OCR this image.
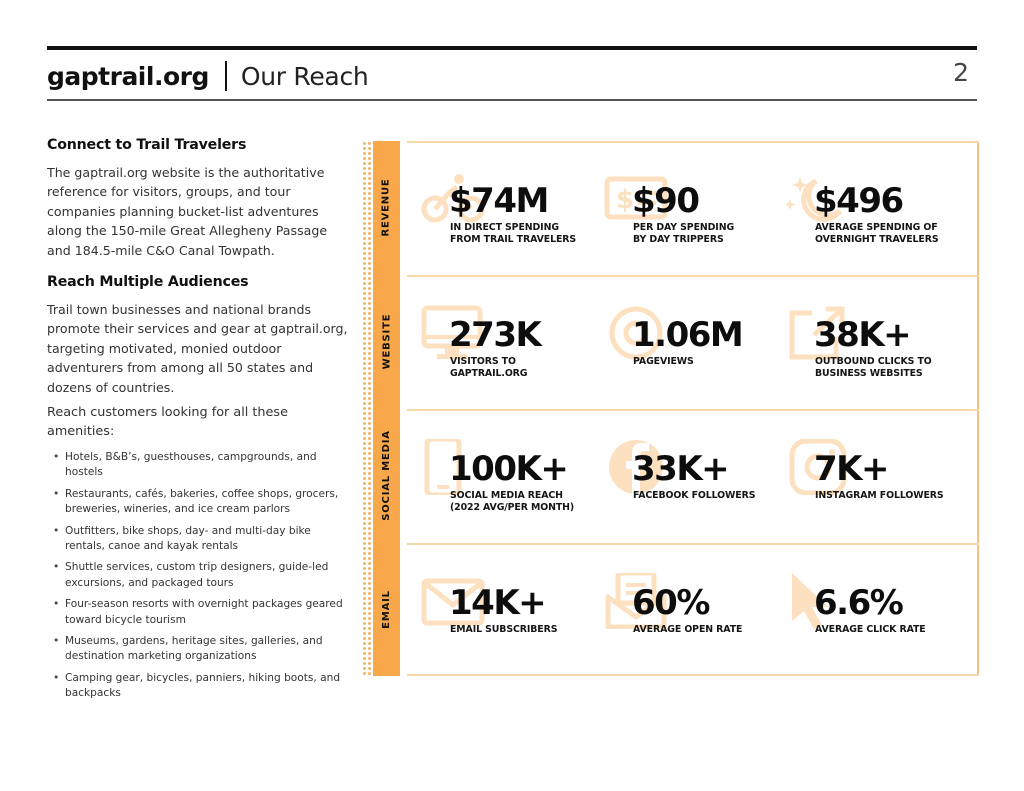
gaptrail.org Our Reach	2
Connect to Trail Travelers

The gaptrail.org website is the authoritative reference for visitors, groups, and tour companies planning bucket-list adventures along the 150-mile Great Allegheny Passage and 184.5-mile C&O Canal Towpath.

Reach Multiple Audiences

Trail town businesses and national brands promote their services and gear at gaptrail.org, targeting motivated, monied outdoor adventurers from among all 50 states and dozens of countries.

Reach customers looking for all these amenities:

• Hotels, B&B’s, guesthouses, campgrounds, and hostels
• Restaurants, cafés, bakeries, coffee shops, grocers, breweries, wineries, and ice cream parlors
• Outfitters, bike shops, day- and multi-day bike rentals, canoe and kayak rentals
• Shuttle services, custom trip designers, guide-led excursions, and packaged tours
• Four-season resorts with overnight packages geared toward bicycle tourism
• Museums, gardens, heritage sites, galleries, and destination marketing organizations
• Camping gear, bicycles, panniers, hiking boots, and backpacks
REVENUE $74M
IN DIRECT SPENDING
FROM TRAIL TRAVELERS
$
$90
PER DAY SPENDING
BY DAY TRIPPERS
$496
AVERAGE SPENDING OF
OVERNIGHT TRAVELERS
WEBSITE 273K
VISITORS TO
GAPTRAIL.ORG
1.06M
PAGEVIEWS
38K+
OUTBOUND CLICKS TO
BUSINESS WEBSITES
SOCIAL MEDIA 100K+
SOCIAL MEDIA REACH
(2022 AVG/PER MONTH)
33K+
FACEBOOK FOLLOWERS
7K+
INSTAGRAM FOLLOWERS
EMAIL 14K+
EMAIL SUBSCRIBERS
60%
AVERAGE OPEN RATE
6.6%
AVERAGE CLICK RATE
